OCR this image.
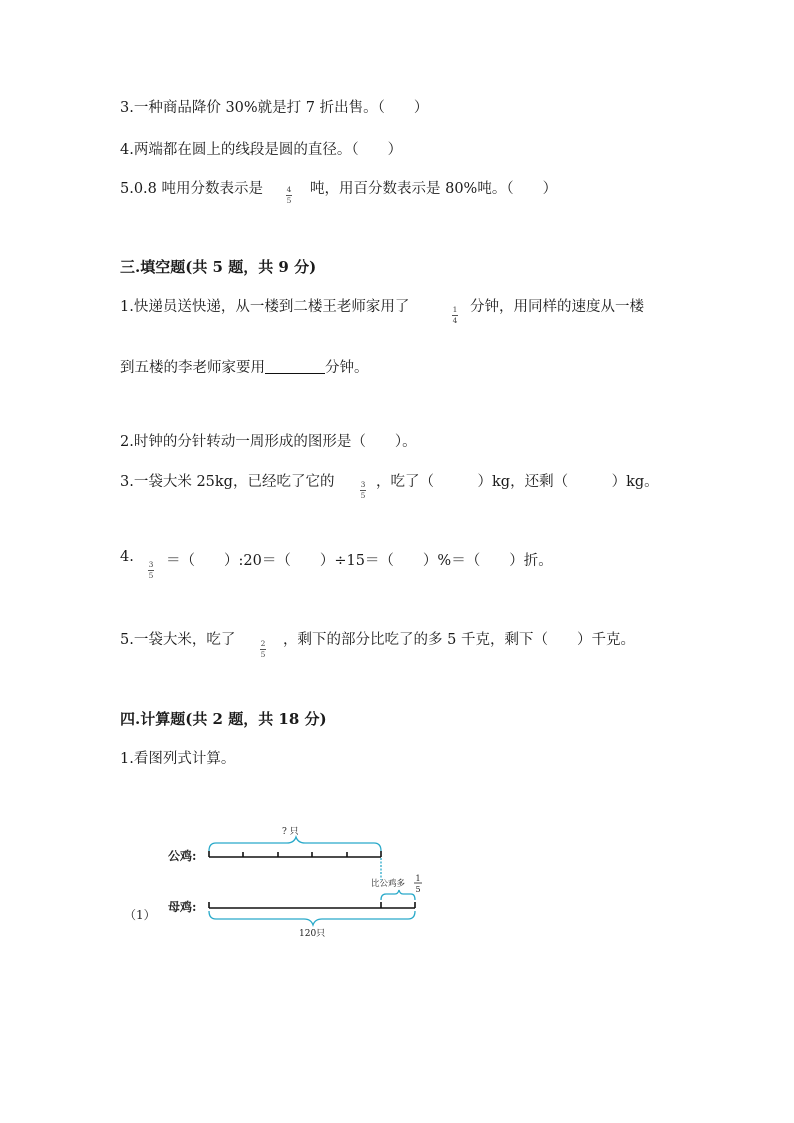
3.一种商品降价 30%就是打 7 折出售。（　　）
4.两端都在圆上的线段是圆的直径。（　　）
5.0.8 吨用分数表示是	4
5
吨，用百分数表示是 80%吨。（　　）
三.填空题(共 5 题，共 9 分)
1.快递员送快递，从一楼到二楼王老师家用了	1
4
分钟，用同样的速度从一楼
到五楼的李老师家要用	分钟。
2.时钟的分针转动一周形成的图形是（　　）。
3.一袋大米 25kg，已经吃了它的	3
5
，吃了（　　　）kg，还剩（　　　）kg。
4. 3
5
＝（　　）:20＝（　　）÷15＝（　　）%＝（　　）折。
5.一袋大米，吃了	2
5
，剩下的部分比吃了的多 5 千克，剩下（　　）千克。
四.计算题(共 2 题，共 18 分)
1.看图列式计算。
? 只
公鸡:
母鸡:
（1）
比公鸡多
1
5
120只
